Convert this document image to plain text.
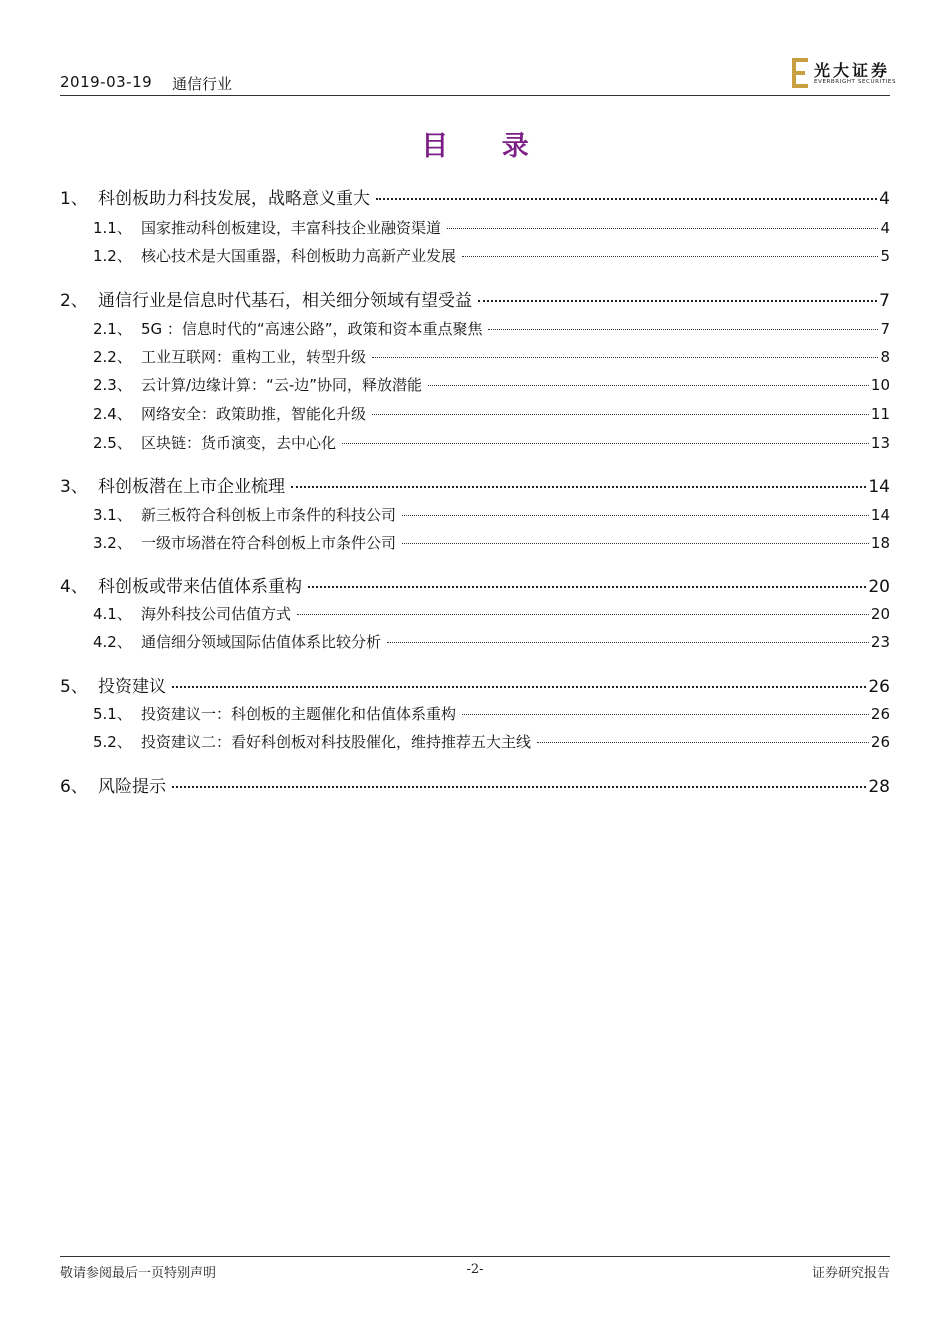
2019-03-19 通信行业
光大证券
EVERBRIGHT SECURITIES
目 录
1、 科创板助力科技发展，战略意义重大	4
1.1、 国家推动科创板建设，丰富科技企业融资渠道	4
1.2、 核心技术是大国重器，科创板助力高新产业发展	5
2、 通信行业是信息时代基石，相关细分领域有望受益	7
2.1、 5G ：信息时代的“高速公路”，政策和资本重点聚焦	7
2.2、 工业互联网：重构工业，转型升级	8
2.3、 云计算/边缘计算：“云-边”协同，释放潜能	10
2.4、 网络安全：政策助推，智能化升级	11
2.5、 区块链：货币演变，去中心化	13
3、 科创板潜在上市企业梳理	14
3.1、 新三板符合科创板上市条件的科技公司	14
3.2、 一级市场潜在符合科创板上市条件公司	18
4、 科创板或带来估值体系重构	20
4.1、 海外科技公司估值方式	20
4.2、 通信细分领域国际估值体系比较分析	23
5、 投资建议	26
5.1、 投资建议一：科创板的主题催化和估值体系重构	26
5.2、 投资建议二：看好科创板对科技股催化，维持推荐五大主线	26
6、 风险提示	28
敬请参阅最后一页特别声明	-2-	证券研究报告
